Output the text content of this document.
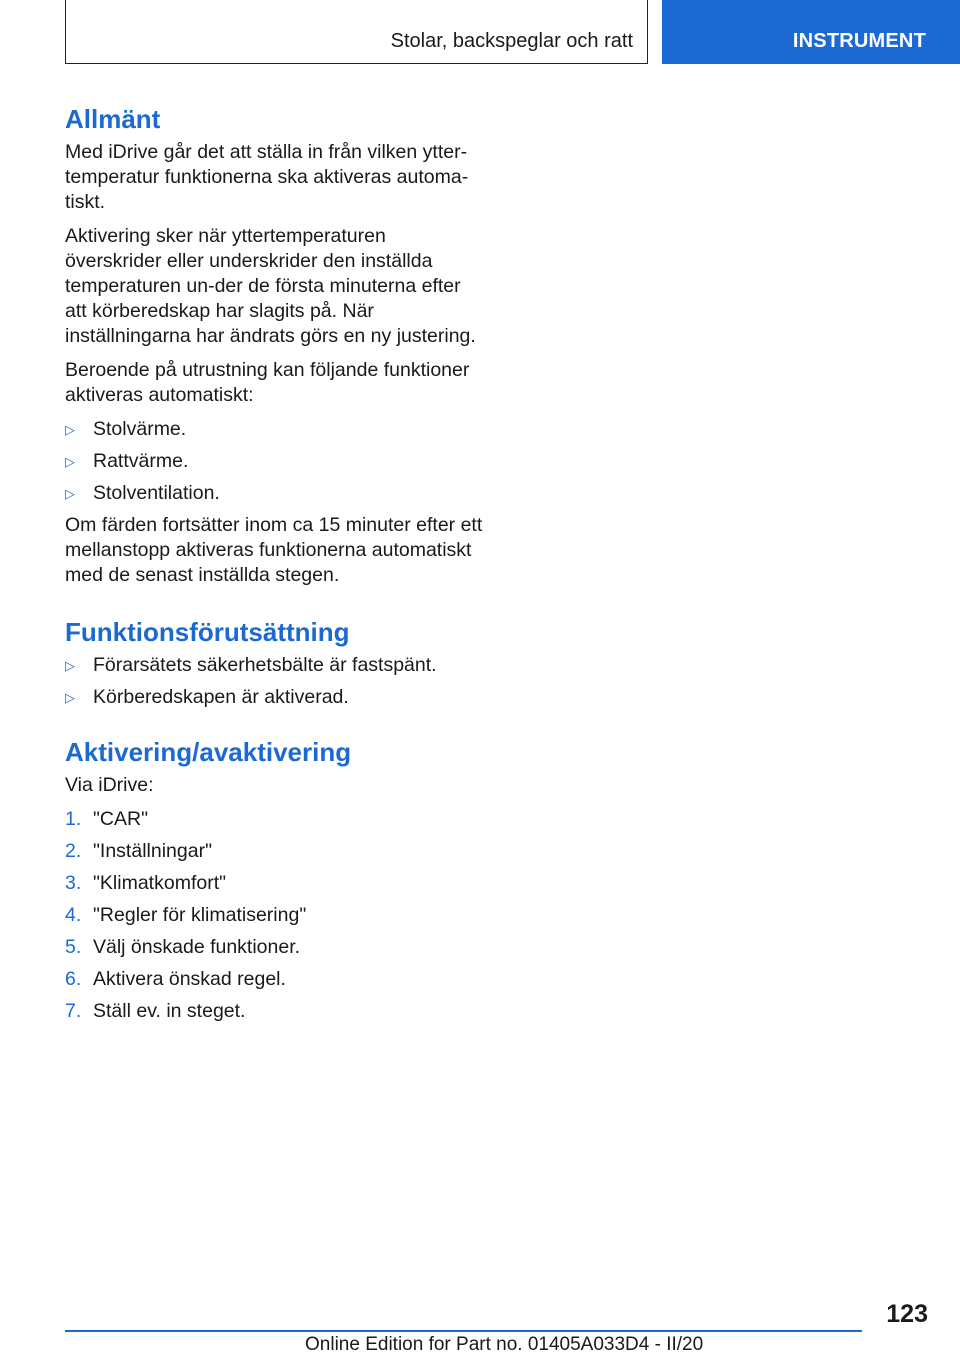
Stolar, backspeglar och ratt	INSTRUMENT
Allmänt

Med iDrive går det att ställa in från vilken ytter-temperatur funktionerna ska aktiveras automa-tiskt.

Aktivering sker när yttertemperaturen överskrider eller underskrider den inställda temperaturen un-der de första minuterna efter att körberedskap har slagits på. När inställningarna har ändrats görs en ny justering.

Beroende på utrustning kan följande funktioner aktiveras automatiskt:

▷ Stolvärme.
▷ Rattvärme.
▷ Stolventilation.

Om färden fortsätter inom ca 15 minuter efter ett mellanstopp aktiveras funktionerna automatiskt med de senast inställda stegen.

Funktionsförutsättning
▷ Förarsätets säkerhetsbälte är fastspänt.
▷ Körberedskapen är aktiverad.
Aktivering/avaktivering

Via iDrive:

1. "CAR"
2. "Inställningar"
3. "Klimatkomfort"
4. "Regler för klimatisering"
5. Välj önskade funktioner.
6. Aktivera önskad regel.
7. Ställ ev. in steget.
123
Online Edition for Part no. 01405A033D4 - II/20
